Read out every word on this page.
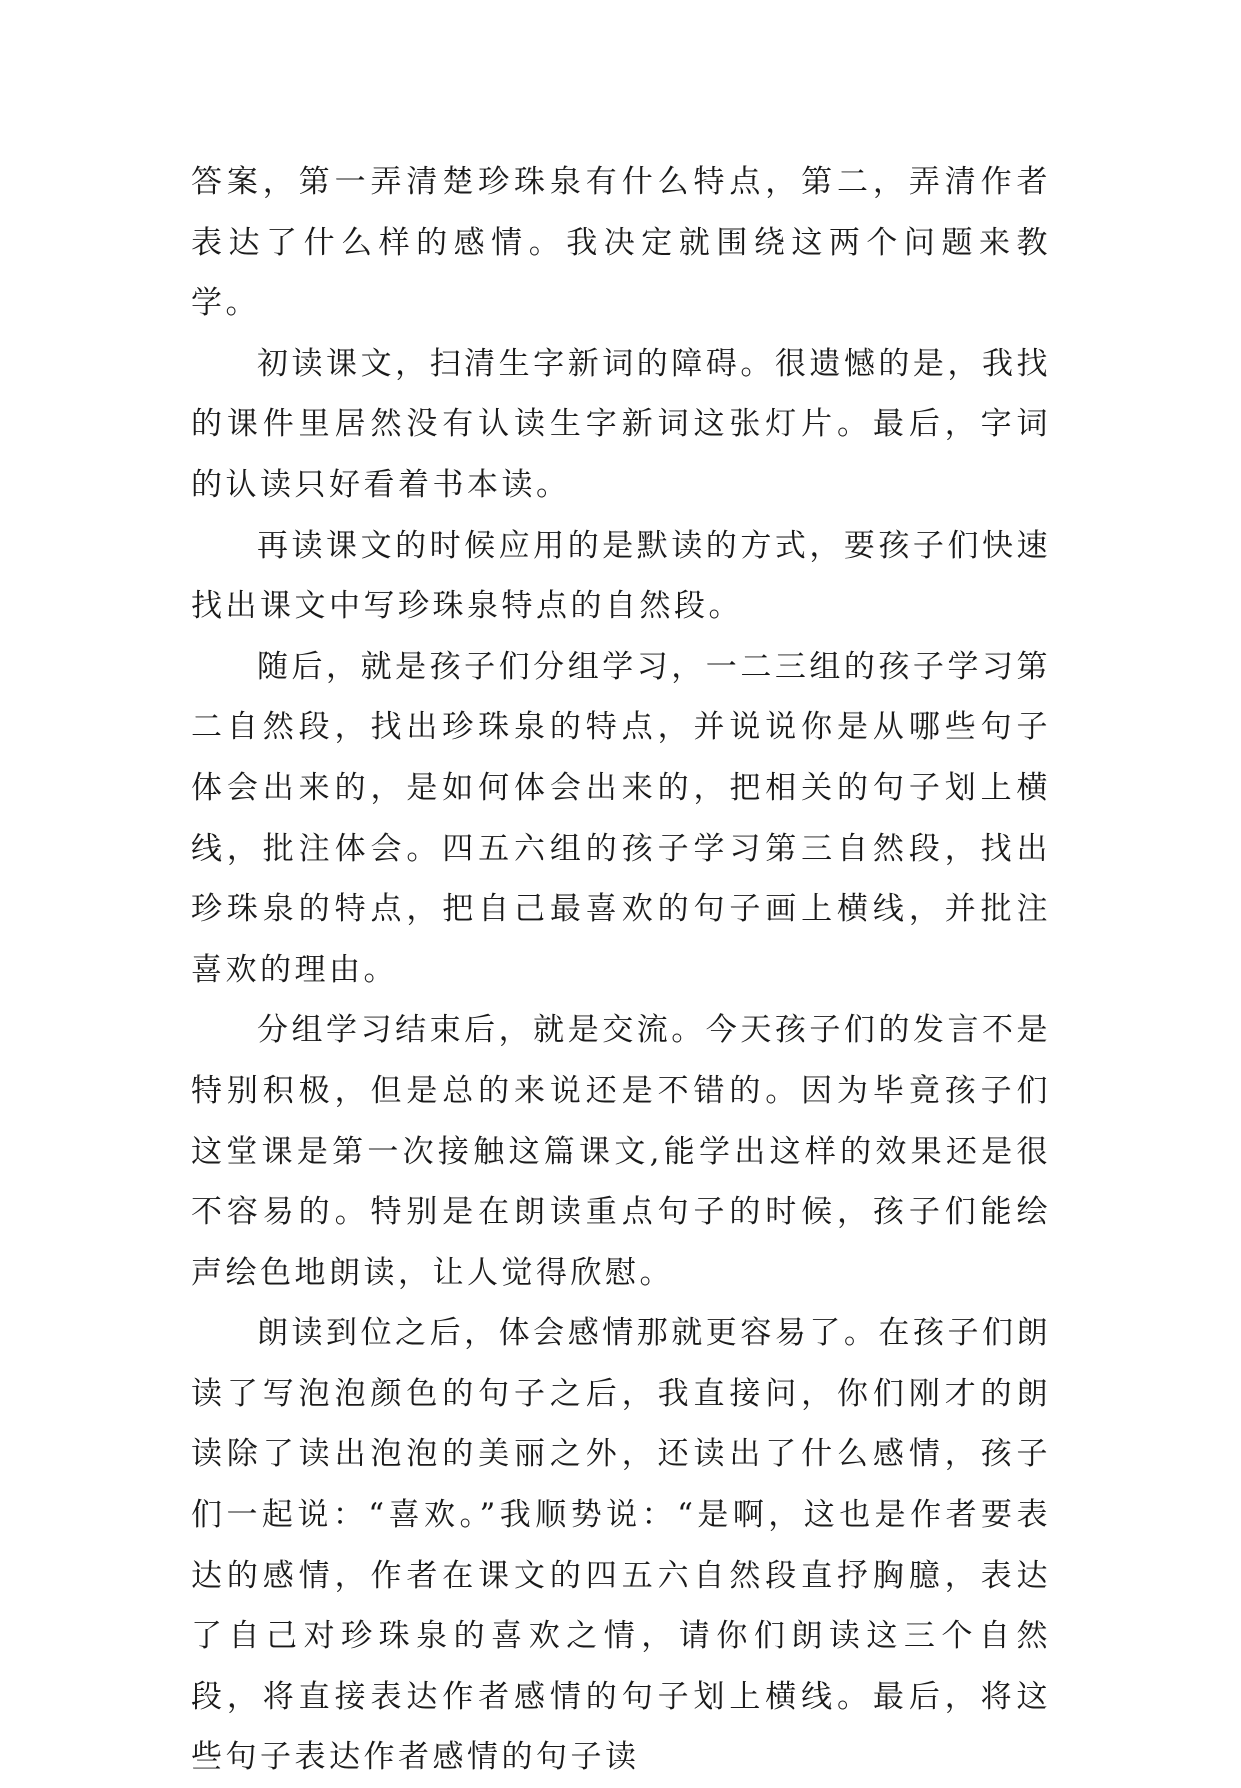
答案，第一弄清楚珍珠泉有什么特点，第二，弄清作者表达了什么样的感情。我决定就围绕这两个问题来教学。

初读课文，扫清生字新词的障碍。很遗憾的是，我找的课件里居然没有认读生字新词这张灯片。最后，字词的认读只好看着书本读。

再读课文的时候应用的是默读的方式，要孩子们快速找出课文中写珍珠泉特点的自然段。

随后，就是孩子们分组学习，一二三组的孩子学习第二自然段，找出珍珠泉的特点，并说说你是从哪些句子体会出来的，是如何体会出来的，把相关的句子划上横线，批注体会。四五六组的孩子学习第三自然段，找出珍珠泉的特点，把自己最喜欢的句子画上横线，并批注喜欢的理由。

分组学习结束后，就是交流。今天孩子们的发言不是特别积极，但是总的来说还是不错的。因为毕竟孩子们这堂课是第一次接触这篇课文,能学出这样的效果还是很不容易的。特别是在朗读重点句子的时候，孩子们能绘声绘色地朗读，让人觉得欣慰。

朗读到位之后，体会感情那就更容易了。在孩子们朗读了写泡泡颜色的句子之后，我直接问，你们刚才的朗读除了读出泡泡的美丽之外，还读出了什么感情，孩子们一起说：“喜欢。”我顺势说：“是啊，这也是作者要表达的感情，作者在课文的四五六自然段直抒胸臆，表达了自己对珍珠泉的喜欢之情，请你们朗读这三个自然段，将直接表达作者感情的句子划上横线。最后，将这些句子表达作者感情的句子读
